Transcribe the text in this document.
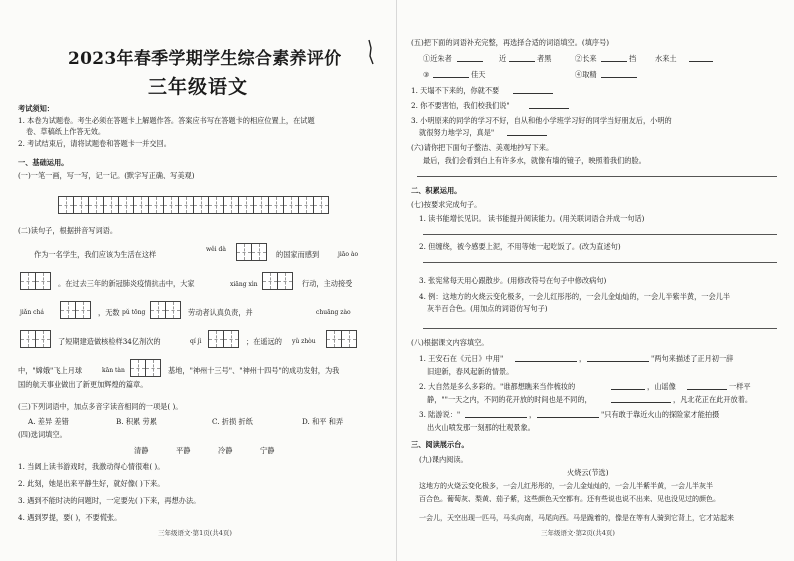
2023年春季学期学生综合素养评价
三年级语文
考试须知：
1. 本卷为试题卷。考生必须在答题卡上解题作答。答案应书写在答题卡的相应位置上，在试题
卷、草稿纸上作答无效。
2. 考试结束后，请将试题卷和答题卡一并交回。
一、基础运用。
(一)一笔一画，写一写，记一记。(默字写正确、写美观)
(二)读句子，根据拼音写词语。
作为一名学生，我们应该为生活在这样
wěi dà
的国家而感到	jiāo ào
。在过去三年的新冠肺炎疫情抗击中，大家	xiāng xìn	行动，主动接受
jiǎn chá	，无数 pǔ tōng	劳动者认真负责，并	chuāng zào
了短期建造做核检样34亿剂次的	qí jì	；在遥远的 yǔ zhòu
中，"嫦娥"飞上月球	kān tàn	基地，"神州十三号"、"神州十四号"的成功发射，为我
国的航天事业做出了新更加辉煌的篇章。
(三)下列词语中，加点多音字读音相同的一项是( )。
A. 差异 差错	B. 积累 劳累	C. 折损 折纸	D. 和平 和弄
(四)选词填空。
清静	平静	冷静	宁静
1. 当阔上读书游戏时，我激动得心情很难( )。
2. 此刻，她是出来平静生好，就好像( )下来。
3. 遇到不能时决的问题时，一定要先( )下来，再想办法。
4. 遇到罗提，要( )，不要慌张。
三年级语文·第1页(共4页)
(五)把下面的词语补充完整，再选择合适的词语填空。(填序号)
①近朱者	近	者黑	②长来	挡	水来土
③	佳天	④取精
1. 天塌不下来的，你就不要
2. 你不要害怕，我们校我们说"
3. 小明原来的同学的学习不好，自从和他小学班学习好的同学当好朋友后，小明的
就很努力地学习，真是"
(六)请你把下面句子整洁、美观地抄写下来。
最后，我们会看到白上有许多水，就像有墙的镜子，映照着我们的脸。
二、积累运用。
(七)按要求完成句子。
1. 读书能增长见识。 读书能提升阅读能力。(用关联词语合并成一句话)
2. 但缠绕，被今感要上泥，不用等她一起吃饭了。(改为直述句)
3. 张宪常每天用心跟散步。(用修改符号在句子中修改病句)
4. 例：这地方的火烧云变化极多，一会儿红彤彤的，一会儿金灿灿的，一会儿半紫半黄，一会儿半
灰半百合色。(用加点的词语仿写句子)
(八)根据课文内容填空。
1. 王安石在《元日》中用"	，	"两句来描述了正月初一辞
旧迎新，春风起新的情景。
2. 大自然是多么多彩的。"谁都想瞧来当作梳妆的	，山谣像	一样平
静，""一天之内，不同的花开放的时间也是不同的，	，凡北花正在此开放着。
3. 陆游说："	，	"只有敢于靠近火山的探险家才能拍摄
出火山喷发那一刻那的壮观景象。
三、阅读展示台。
(九)课内阅读。
火烧云(节选)
这地方的火烧云变化极多，一会儿红彤彤的，一会儿金灿灿的，一会儿半紫半黄，一会儿半灰半
百合色。葡萄灰、梨黄、茄子紫，这些颜色天空都有。还有些说也说不出来、见也没见过的颜色。
一会儿，天空出现一匹马，马头向南，马尾向西。马是跪着的，像是在等有人骑到它背上，它才站起来
三年级语文·第2页(共4页)
